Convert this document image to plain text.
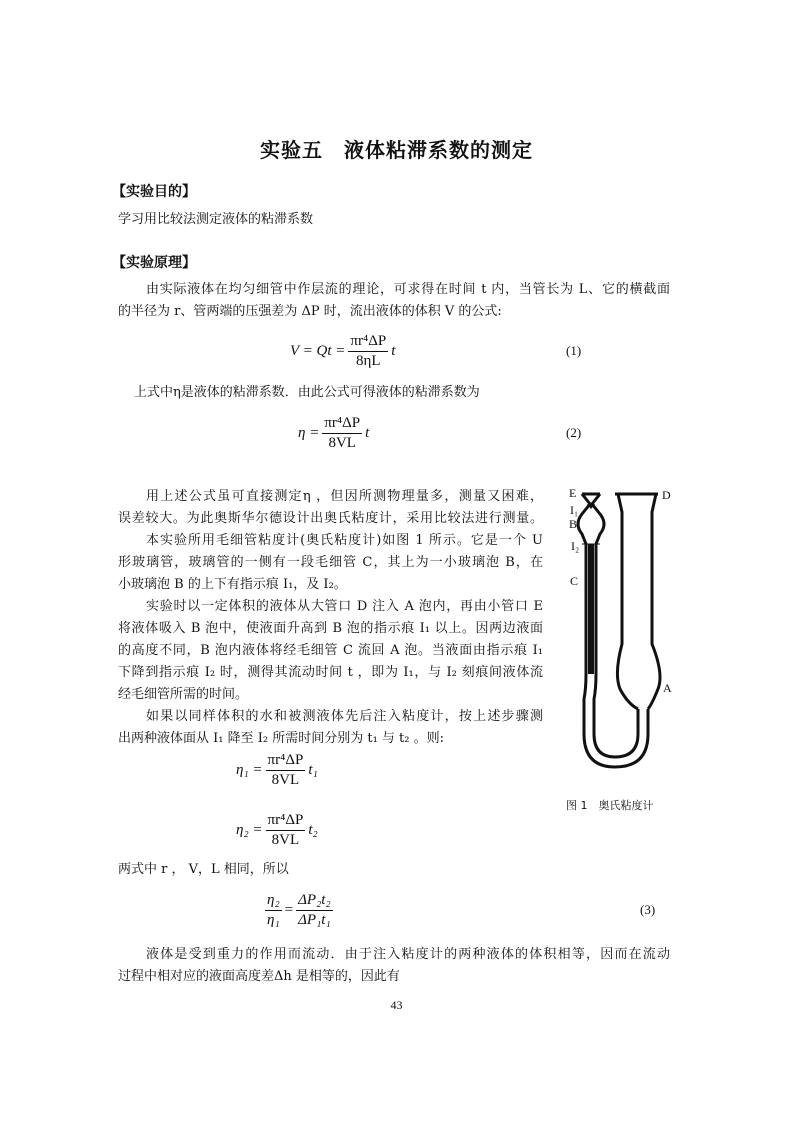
实验五　液体粘滞系数的测定
【实验目的】
学习用比较法测定液体的粘滞系数
【实验原理】
由实际液体在均匀细管中作层流的理论，可求得在时间 t 内，当管长为 L、它的横截面
的半径为 r、管两端的压强差为 ΔP 时，流出液体的体积 V 的公式:
$V = Qt = \frac{\text{πr⁴ΔP}}{8\eta L}$ t	(1)
上式中η是液体的粘滞系数．由此公式可得液体的粘滞系数为
$\eta = \frac{\text{πr⁴ΔP}}{8VL}$ t	(2)
用上述公式虽可直接测定η ，但因所测物理量多，测量又困难，
误差较大。为此奥斯华尔德设计出奥氏粘度计，采用比较法进行测量。
本实验所用毛细管粘度计(奥氏粘度计)如图 1 所示。它是一个 U
形玻璃管，玻璃管的一侧有一段毛细管 C，其上为一小玻璃泡 B，在
小玻璃泡 B 的上下有指示痕 I₁，及 I₂。
实验时以一定体积的液体从大管口 D 注入 A 泡内，再由小管口 E
将液体吸入 B 泡中，使液面升高到 B 泡的指示痕 I₁ 以上。因两边液面
的高度不同，B 泡内液体将经毛细管 C 流回 A 泡。当液面由指示痕 I₁
下降到指示痕 I₂ 时，测得其流动时间 t ，即为 I₁，与 I₂ 刻痕间液体流
经毛细管所需的时间。
如果以同样体积的水和被测液体先后注入粘度计，按上述步骤测
出两种液体面从 I₁ 降至 I₂ 所需时间分别为 t₁ 与 t₂ 。则:
E	D
I₁
B
I₂
C
A
图 1　奥氏粘度计
$\eta_1 = \frac{\text{πr⁴ΔP}}{8VL} t_1$
$\eta_2 = \frac{\text{πr⁴ΔP}}{8VL} t_2$
两式中 r ， V，L 相同，所以
$\frac{\text{η₂}}{\text{η₁}} = \frac{\text{ΔP₂t₂}}{\text{ΔP₁t₁}}$	(3)
液体是受到重力的作用而流动．由于注入粘度计的两种液体的体积相等，因而在流动
过程中相对应的液面高度差Δh 是相等的，因此有
43
